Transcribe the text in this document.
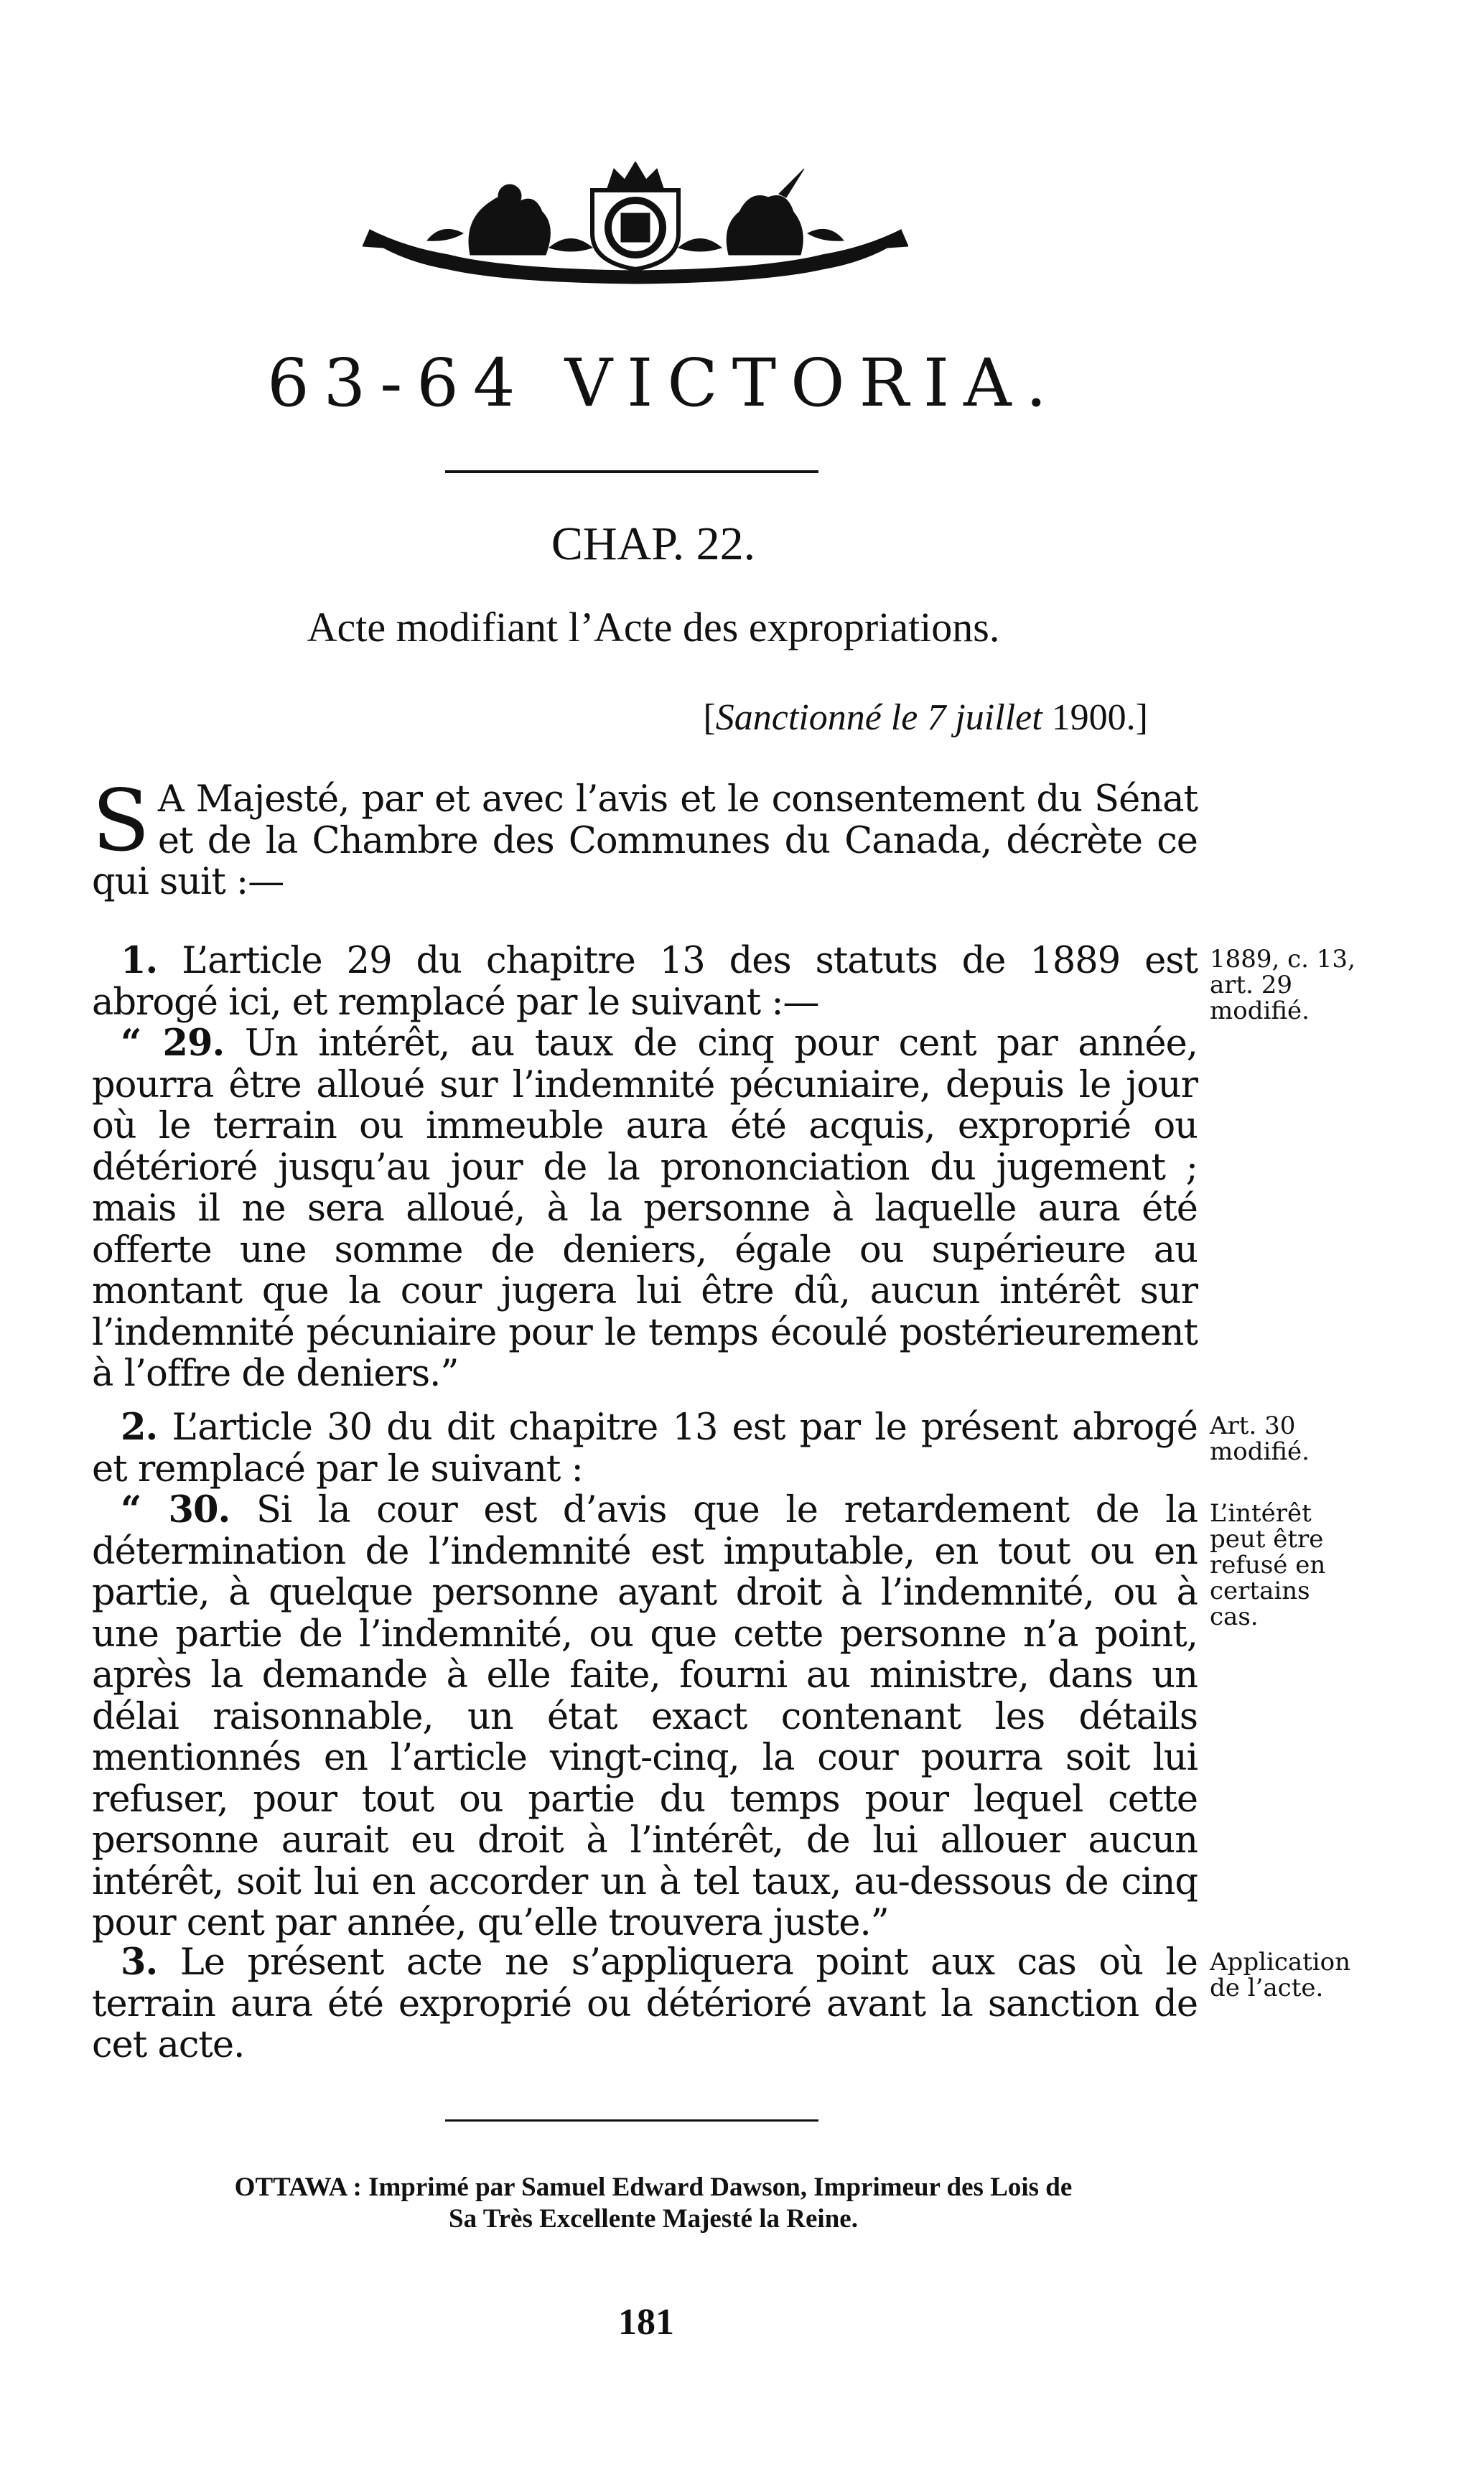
63-64 VICTORIA.
CHAP. 22.
Acte modifiant l’Acte des expropriations.
[Sanctionné le 7 juillet 1900.]

S A Majesté, par et avec l’avis et le consentement du Sénat et de la Chambre des Communes du Canada, décrète ce qui suit :—

1. L’article 29 du chapitre 13 des statuts de 1889 est abrogé ici, et remplacé par le suivant :—

“ 29. Un intérêt, au taux de cinq pour cent par année, pourra être alloué sur l’indemnité pécuniaire, depuis le jour où le terrain ou immeuble aura été acquis, exproprié ou détérioré jusqu’au jour de la prononciation du jugement ; mais il ne sera alloué, à la personne à laquelle aura été offerte une somme de deniers, égale ou supérieure au montant que la cour jugera lui être dû, aucun intérêt sur l’indemnité pécuniaire pour le temps écoulé postérieurement à l’offre de deniers.”

2. L’article 30 du dit chapitre 13 est par le présent abrogé et remplacé par le suivant :

“ 30. Si la cour est d’avis que le retardement de la détermination de l’indemnité est imputable, en tout ou en partie, à quelque personne ayant droit à l’indemnité, ou à une partie de l’indemnité, ou que cette personne n’a point, après la demande à elle faite, fourni au ministre, dans un délai raisonnable, un état exact contenant les détails mentionnés en l’article vingt-cinq, la cour pourra soit lui refuser, pour tout ou partie du temps pour lequel cette personne aurait eu droit à l’intérêt, de lui allouer aucun intérêt, soit lui en accorder un à tel taux, au-dessous de cinq pour cent par année, qu’elle trouvera juste.”

3. Le présent acte ne s’appliquera point aux cas où le terrain aura été exproprié ou détérioré avant la sanction de cet acte.

1889, c. 13, art. 29 modifié.
Art. 30 modifié.
L’intérêt peut être refusé en certains cas.
Application de l’acte.
OTTAWA : Imprimé par Samuel Edward Dawson, Imprimeur des Lois de
Sa Très Excellente Majesté la Reine.
181
